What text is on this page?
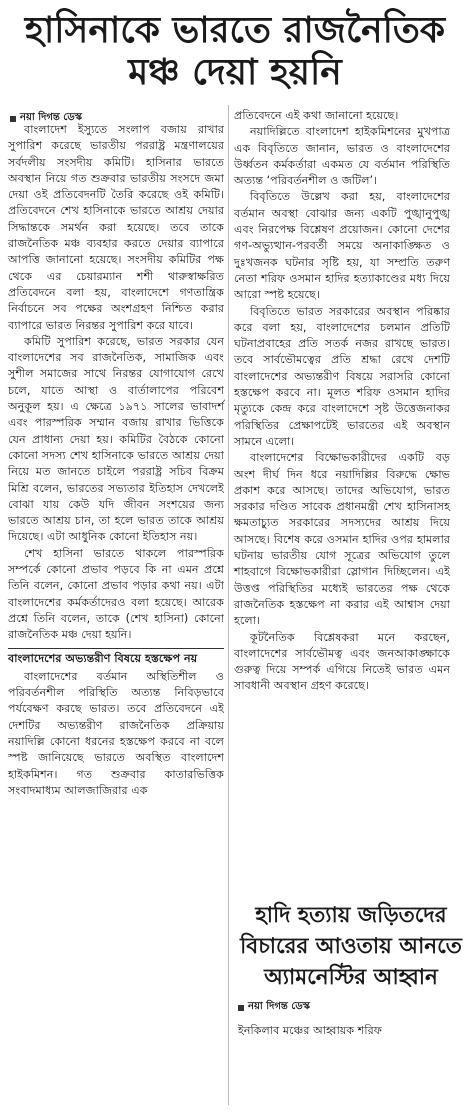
হাসিনাকে ভারতে রাজনৈতিক
মঞ্চ দেয়া হয়নি
নয়া দিগন্ত ডেস্ক

বাংলাদেশ ইস্যুতে সংলাপ বজায় রাখার সুপারিশ করেছে ভারতীয় পররাষ্ট্র মন্ত্রণালয়ের সর্বদলীয় সংসদীয় কমিটি। হাসিনার ভারতে অবস্থান নিয়ে গত শুক্রবার ভারতীয় সংসদে জমা দেয়া ওই প্রতিবেদনটি তৈরি করেছে ওই কমিটি। প্রতিবেদনে শেখ হাসিনাকে ভারতে আশ্রয় দেয়ার সিদ্ধান্তকে সমর্থন করা হয়েছে। তবে তাকে রাজনৈতিক মঞ্চ ব্যবহার করতে দেয়ার ব্যাপারে আপত্তি জানানো হয়েছে। সংসদীয় কমিটির পক্ষ থেকে এর চেয়ারম্যান শশী থারুস্বাক্ষরিত প্রতিবেদনে বলা হয়, বাংলাদেশে গণতান্ত্রিক নির্বাচনে সব পক্ষের অংশগ্রহণ নিশ্চিত করার ব্যাপারে ভারত নিরন্তর সুপারিশ করে যাবে।

কমিটি সুপারিশ করেছে, ভারত সরকার যেন বাংলাদেশের সব রাজনৈতিক, সামাজিক এবং সুশীল সমাজের সাথে নিরন্তর যোগাযোগ রেখে চলে, যাতে আস্থা ও বার্তালাপের পরিবেশ অনুকূল হয়। এ ক্ষেত্রে ১৯৭১ সালের ভাবাদর্শ এবং পারস্পরিক সম্মান বজায় রাখার ভিত্তিকে যেন প্রাধান্য দেয়া হয়। কমিটির বৈঠকে কোনো কোনো সদস্য শেখ হাসিনাকে ভারতে আশ্রয় দেয়া নিয়ে মত জানতে চাইলে পররাষ্ট্র সচিব বিক্রম মিশ্রি বলেন, ভারতের সভ্যতার ইতিহাস দেখলেই বোঝা যায় কেউ যদি জীবন সংশয়ের জন্য ভারতে আশ্রয় চান, তা হলে ভারত তাকে আশ্রয় দিয়েছে। এটা আধুনিক কোনো ইতিহাস নয়।

শেখ হাসিনা ভারতে থাকলে পারস্পরিক সম্পর্কে কোনো প্রভাব পড়বে কি না এমন প্রশ্নে তিনি বলেন, কোনো প্রভাব পড়ার কথা নয়। এটা বাংলাদেশের কর্মকর্তাদেরও বলা হয়েছে। আরেক প্রশ্নে তিনি বলেন, তাকে (শেখ হাসিনা) কোনো রাজনৈতিক মঞ্চ দেয়া হয়নি।

বাংলাদেশের অভ্যন্তরীণ বিষয়ে হস্তক্ষেপ নয়

বাংলাদেশের বর্তমান অস্থিতিশীল ও পরিবর্তনশীল পরিস্থিতি অত্যন্ত নিবিড়ভাবে পর্যবেক্ষণ করছে ভারত। তবে প্রতিবেদনে এই দেশটির অভ্যন্তরীণ রাজনৈতিক প্রক্রিয়ায় নয়াদিল্লি কোনো ধরনের হস্তক্ষেপ করবে না বলে স্পষ্ট জানিয়েছে ভারতে অবস্থিত বাংলাদেশ হাইকমিশন। গত শুক্রবার কাতারভিত্তিক সংবাদমাধ্যম আলজাজিরার এক

প্রতিবেদনে এই কথা জানানো হয়েছে।

নয়াদিল্লিতে বাংলাদেশ হাইকমিশনের মুখপাত্র এক বিবৃতিতে জানান, ভারত ও বাংলাদেশের উর্ধ্বতন কর্মকর্তারা একমত যে বর্তমান পরিস্থিতি অত্যন্ত ‘পরিবর্তনশীল ও জটিল’।

বিবৃতিতে উল্লেখ করা হয়, বাংলাদেশের বর্তমান অবস্থা বোঝার জন্য একটি পুঙ্খানুপুঙ্খ এবং নিরপেক্ষ বিশ্লেষণ প্রয়োজন। কোনো দেশের গণ-অভ্যুত্থান-পরবর্তী সময়ে অনাকাঙ্ক্ষিত ও দুঃখজনক ঘটনার সৃষ্টি হয়, যা সম্প্রতি তরুণ নেতা শরিফ ওসমান হাদির হত্যাকাণ্ডের মধ্য দিয়ে আরো স্পষ্ট হয়েছে।

বিবৃতিতে ভারত সরকারের অবস্থান পরিষ্কার করে বলা হয়, বাংলাদেশের চলমান প্রতিটি ঘটনাপ্রবাহের প্রতি সতর্ক নজর রাখছে ভারত। তবে সার্বভৌমত্বের প্রতি শ্রদ্ধা রেখে দেশটি বাংলাদেশের অভ্যন্তরীণ বিষয়ে সরাসরি কোনো হস্তক্ষেপ করবে না। মূলত শরিফ ওসমান হাদির মৃত্যুকে কেন্দ্র করে বাংলাদেশে সৃষ্ট উত্তেজনাকর পরিস্থিতির প্রেক্ষাপটেই ভারতের এই অবস্থান সামনে এলো।

বাংলাদেশের বিক্ষোভকারীদের একটি বড় অংশ দীর্ঘ দিন ধরে নয়াদিল্লির বিরুদ্ধে ক্ষোভ প্রকাশ করে আসছে। তাদের অভিযোগ, ভারত সরকার দণ্ডিত সাবেক প্রধানমন্ত্রী শেখ হাসিনাসহ ক্ষমতাচ্যুত সরকারের সদস্যদের আশ্রয় দিয়ে আসছে। বিশেষ করে ওসমান হাদির ওপর হামলার ঘটনায় ভারতীয় যোগ সূত্রের অভিযোগ তুলে শাহবাগে বিক্ষোভকারীরা স্লোগান দিচ্ছিলেন। এই উত্তপ্ত পরিস্থিতির মধ্যেই ভারতের পক্ষ থেকে রাজনৈতিক হস্তক্ষেপ না করার এই আশ্বাস দেয়া হলো।

কূটনৈতিক বিশ্লেষকরা মনে করছেন, বাংলাদেশের সার্বভৌমত্ব এবং জনআকাঙ্ক্ষাকে গুরুত্ব দিয়ে সম্পর্ক এগিয়ে নিতেই ভারত এমন সাবধানী অবস্থান গ্রহণ করেছে।

হাদি হত্যায় জড়িতদের
বিচারের আওতায় আনতে
অ্যামনেস্টির আহ্বান
নয়া দিগন্ত ডেস্ক
ইনকিলাব মঞ্চের আহ্বায়ক শরিফ
